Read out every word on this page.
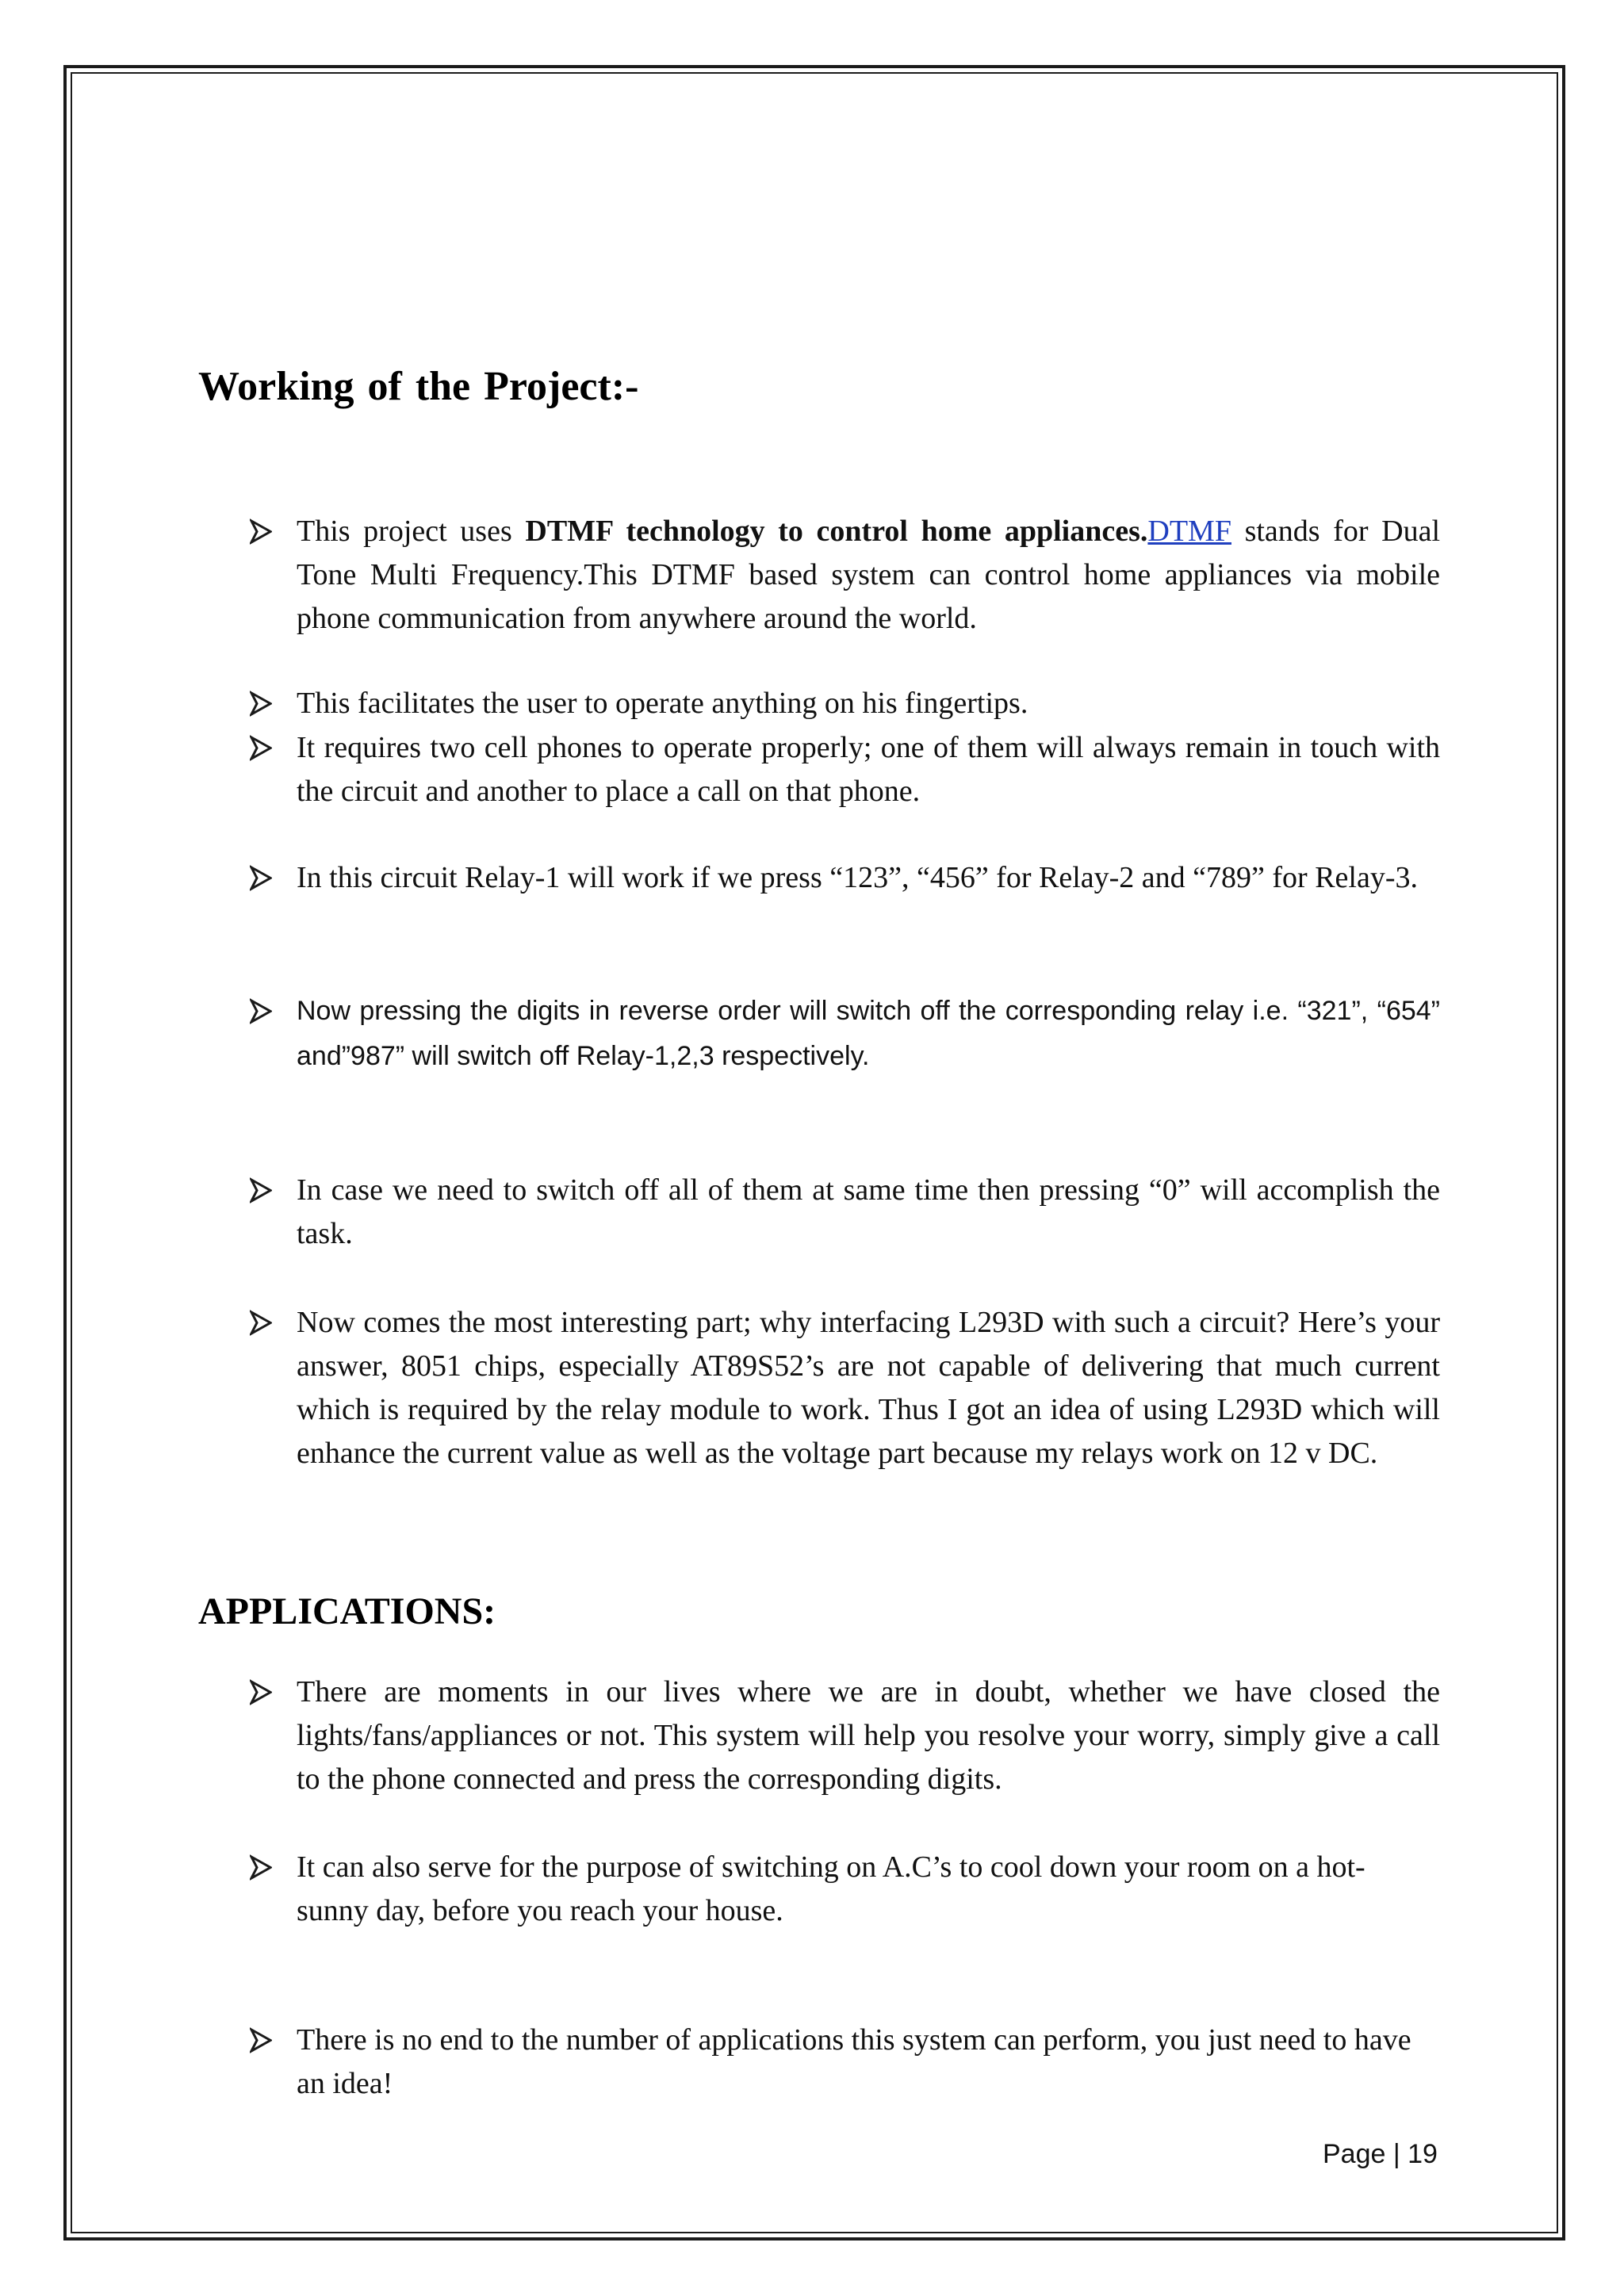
Working of the Project:-

This project uses DTMF technology to control home appliances.DTMF stands for Dual Tone Multi Frequency.This DTMF based system can control home appliances via mobile phone communication from anywhere around the world.

This facilitates the user to operate anything on his fingertips.

It requires two cell phones to operate properly; one of them will always remain in touch with the circuit and another to place a call on that phone.

In this circuit Relay-1 will work if we press “123”, “456” for Relay-2 and “789” for Relay-3.

Now pressing the digits in reverse order will switch off the corresponding relay i.e. “321”, “654” and”987” will switch off Relay-1,2,3 respectively.

In case we need to switch off all of them at same time then pressing “0” will accomplish the task.

Now comes the most interesting part; why interfacing L293D with such a circuit? Here’s your answer, 8051 chips, especially AT89S52’s are not capable of delivering that much current which is required by the relay module to work. Thus I got an idea of using L293D which will enhance the current value as well as the voltage part because my relays work on 12 v DC.

APPLICATIONS:

There are moments in our lives where we are in doubt, whether we have closed the lights/fans/appliances or not. This system will help you resolve your worry, simply give a call to the phone connected and press the corresponding digits.

It can also serve for the purpose of switching on A.C’s to cool down your room on a hot-sunny day, before you reach your house.

There is no end to the number of applications this system can perform, you just need to have an idea!

Page | 19
